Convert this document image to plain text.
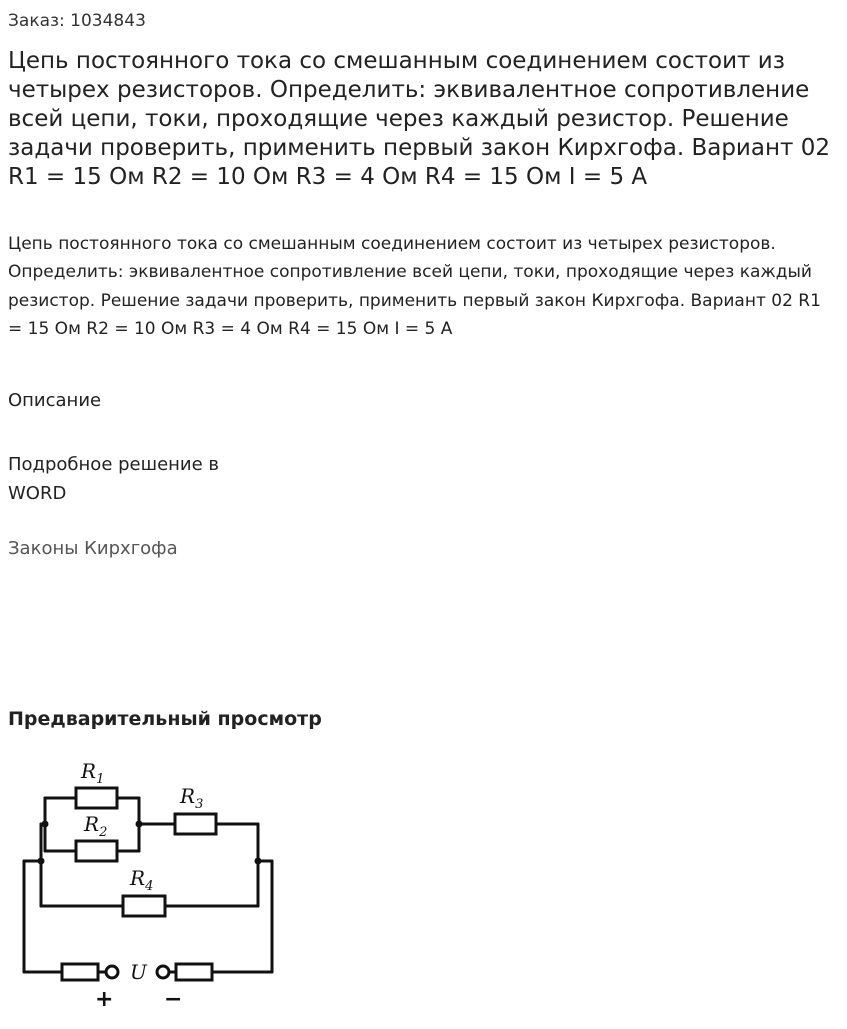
Заказ: 1034843
Цепь постоянного тока со смешанным соединением состоит из четырех резисторов. Определить: эквивалентное сопротивление всей цепи, токи, проходящие через каждый резистор. Решение задачи проверить, применить первый закон Кирхгофа. Вариант 02 R1 = 15 Ом R2 = 10 Ом R3 = 4 Ом R4 = 15 Ом I = 5 А

Цепь постоянного тока со смешанным соединением состоит из четырех резисторов. Определить: эквивалентное сопротивление всей цепи, токи, проходящие через каждый резистор. Решение задачи проверить, применить первый закон Кирхгофа. Вариант 02 R1 = 15 Ом R2 = 10 Ом R3 = 4 Ом R4 = 15 Ом I = 5 А

Описание
Подробное решение в
WORD
Законы Кирхгофа
Предварительный просмотр
$R_1$
$R_2$
$R_3$
$R_4$
U
+ −
